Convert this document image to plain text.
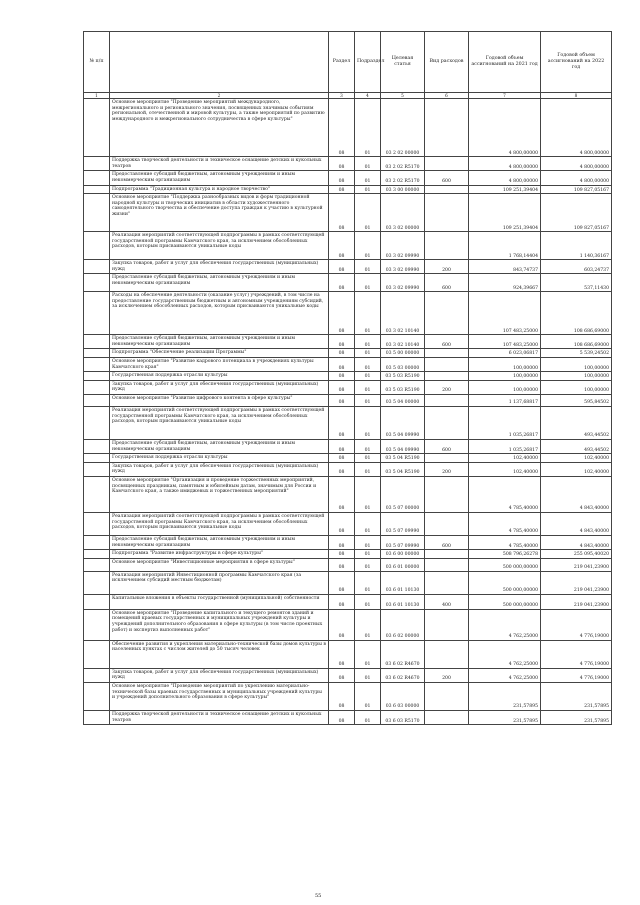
№ п/п		Раздел	Подраздел	Целевая статья	Вид расходов	Годовой объем ассигнований на 2021 год	Годовой объем ассигнований на 2022 год
1	2	3	4	5	6	7	8
	Основное мероприятие "Проведение мероприятий международного, межрегионального и регионального значения, посвященных значимым событиям региональной, отечественной и мировой культуры, а также мероприятий по развитию международного и межрегионального сотрудничества в сфере культуры"	08	01	03 2 02 00000		4 800,00000	4 800,00000
	Поддержка творческой деятельности и техническое оснащение детских и кукольных театров	08	01	03 2 02 R5170		4 800,00000	4 800,00000
	Предоставление субсидий бюджетным, автономным учреждениям и иным некоммерческим организациям	08	01	03 2 02 R5170	600	4 800,00000	4 800,00000
	Подпрограмма "Традиционная культура и народное творчество"	08	01	03 3 00 00000		109 251,39404	109 827,05167
	Основное мероприятие "Поддержка разнообразных видов и форм традиционной народной культуры и творческих инициатив в области художественного самодеятельного творчества и обеспечение доступа граждан к участию в культурной жизни"	08	01	03 3 02 00000		109 251,39404	109 827,05167
	Реализация мероприятий соответствующей подпрограммы в рамках соответствующей государственной программы Камчатского края, за исключением обособленных расходов, которым присваиваются уникальные коды	08	01	03 3 02 09990		1 768,14404	1 140,36167
	Закупка товаров, работ и услуг для обеспечения государственных (муниципальных) нужд	08	01	03 3 02 09990	200	843,74737	603,24737
	Предоставление субсидий бюджетным, автономным учреждениям и иным некоммерческим организациям	08	01	03 3 02 09990	600	924,39667	537,11430
	Расходы на обеспечение деятельности (оказание услуг) учреждений, в том числе на предоставление государственным бюджетным и автономным учреждениям субсидий, за исключением обособленных расходов, которым присваиваются уникальные коды	08	01	03 3 02 10140		107 483,25000	108 686,69000
	Предоставление субсидий бюджетным, автономным учреждениям и иным некоммерческим организациям	08	01	03 3 02 10140	600	107 483,25000	108 686,69000
	Подпрограмма "Обеспечение реализации Программы"	08	01	03 5 00 00000		6 023,06817	5 539,24502
	Основное мероприятие "Развитие кадрового потенциала в учреждениях культуры Камчатского края"	08	01	03 5 03 00000		100,00000	100,00000
	Государственная поддержка отрасли культуры	08	01	03 5 03 R5190		100,00000	100,00000
	Закупка товаров, работ и услуг для обеспечения государственных (муниципальных) нужд	08	01	03 5 03 R5190	200	100,00000	100,00000
	Основное мероприятие "Развитие цифрового контента в сфере культуры"	08	01	03 5 04 00000		1 137,68817	595,84502
	Реализация мероприятий соответствующей подпрограммы в рамках соответствующей государственной программы Камчатского края, за исключением обособленных расходов, которым присваиваются уникальные коды	08	01	03 5 04 09990		1 035,26817	493,44502
	Предоставление субсидий бюджетным, автономным учреждениям и иным некоммерческим организациям	08	01	03 5 04 09990	600	1 035,26817	493,44502
	Государственная поддержка отрасли культуры	08	01	03 5 04 R5190		102,40000	102,40000
	Закупка товаров, работ и услуг для обеспечения государственных (муниципальных) нужд	08	01	03 5 04 R5190	200	102,40000	102,40000
	Основное мероприятие "Организация и проведение торжественных мероприятий, посвященных праздникам, памятным и юбилейным датам, значимым для России и Камчатского края, а также имиджевых и торжественных мероприятий"	08	01	03 5 07 00000		4 785,40000	4 843,40000
	Реализация мероприятий соответствующей подпрограммы в рамках соответствующей государственной программы Камчатского края, за исключением обособленных расходов, которым присваиваются уникальные коды	08	01	03 5 07 09990		4 785,40000	4 843,40000
	Предоставление субсидий бюджетным, автономным учреждениям и иным некоммерческим организациям	08	01	03 5 07 09990	600	4 785,40000	4 843,40000
	Подпрограмма "Развитие инфраструктуры в сфере культуры"	08	01	03 6 00 00000		508 796,26278	255 095,40020
	Основное мероприятие "Инвестиционные мероприятия в сфере культуры"	08	01	03 6 01 00000		500 000,00000	219 041,23900
	Реализация мероприятий Инвестиционной программы Камчатского края (за исключением субсидий местным бюджетам)	08	01	03 6 01 10130		500 000,00000	219 041,23900
	Капитальные вложения в объекты государственной (муниципальной) собственности	08	01	03 6 01 10130	400	500 000,00000	219 041,23900
	Основное мероприятие "Проведение капитального и текущего ремонтов зданий и помещений краевых государственных и муниципальных учреждений культуры и учреждений дополнительного образования в сфере культуры (в том числе проектных работ) и экспертиз выполненных работ"	08	01	03 6 02 00000		4 762,25000	4 776,19000
	Обеспечение развития и укрепления материально-технической базы домов культуры в населенных пунктах с числом жителей до 50 тысяч человек	08	01	03 6 02 R4670		4 762,25000	4 776,19000
	Закупка товаров, работ и услуг для обеспечения государственных (муниципальных) нужд	08	01	03 6 02 R4670	200	4 762,25000	4 776,19000
	Основное мероприятие "Проведение мероприятий по укреплению материально-технической базы краевых государственных и муниципальных учреждений культуры и учреждений дополнительного образования в сфере культуры"	08	01	03 6 03 00000		231,57895	231,57895
	Поддержка творческой деятельности и техническое оснащение детских и кукольных театров	08	01	03 6 03 R5170		231,57895	231,57895
55
